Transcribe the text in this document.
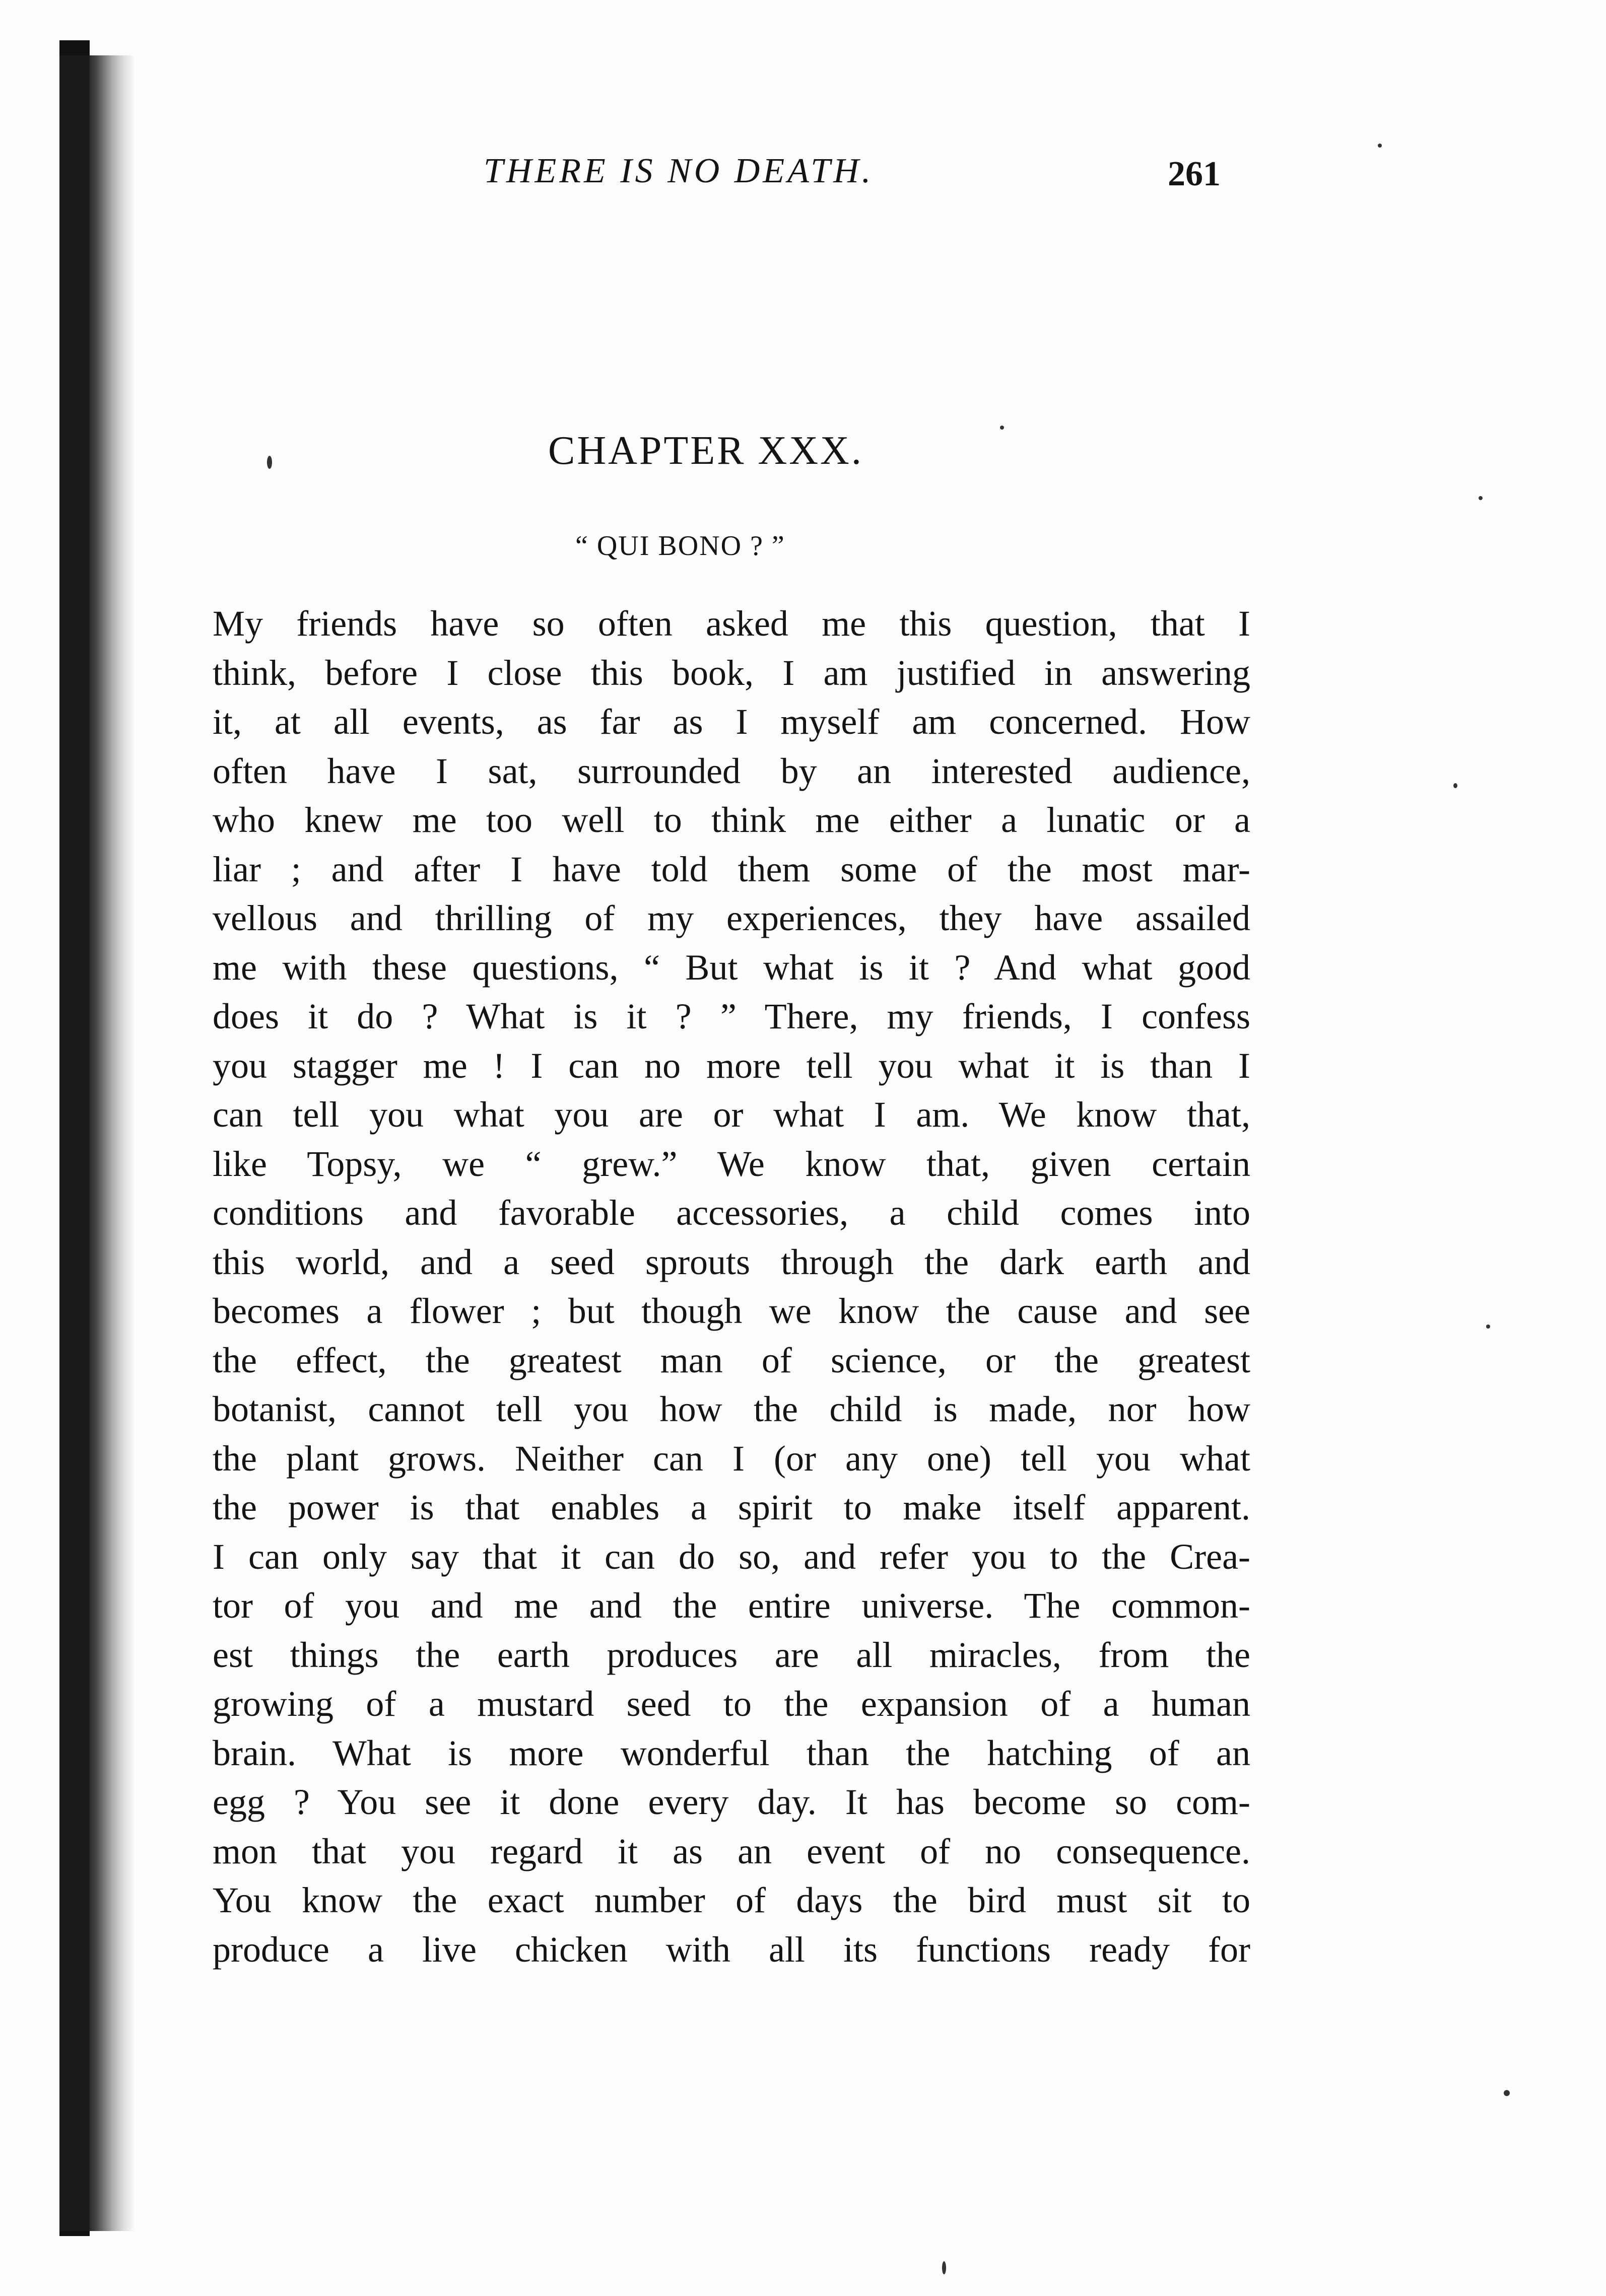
THERE IS NO DEATH.	261
CHAPTER XXX.
“ QUI BONO ? ”
My friends have so often asked me this question, that I
think, before I close this book, I am justified in answering
it, at all events, as far as I myself am concerned. How
often have I sat, surrounded by an interested audience,
who knew me too well to think me either a lunatic or a
liar ; and after I have told them some of the most mar-
vellous and thrilling of my experiences, they have assailed
me with these questions, “ But what is it ? And what good
does it do ? What is it ? ” There, my friends, I confess
you stagger me ! I can no more tell you what it is than I
can tell you what you are or what I am. We know that,
like Topsy, we “ grew.” We know that, given certain
conditions and favorable accessories, a child comes into
this world, and a seed sprouts through the dark earth and
becomes a flower ; but though we know the cause and see
the effect, the greatest man of science, or the greatest
botanist, cannot tell you how the child is made, nor how
the plant grows. Neither can I (or any one) tell you what
the power is that enables a spirit to make itself apparent.
I can only say that it can do so, and refer you to the Crea-
tor of you and me and the entire universe. The common-
est things the earth produces are all miracles, from the
growing of a mustard seed to the expansion of a human
brain. What is more wonderful than the hatching of an
egg ? You see it done every day. It has become so com-
mon that you regard it as an event of no consequence.
You know the exact number of days the bird must sit to
produce a live chicken with all its functions ready for
